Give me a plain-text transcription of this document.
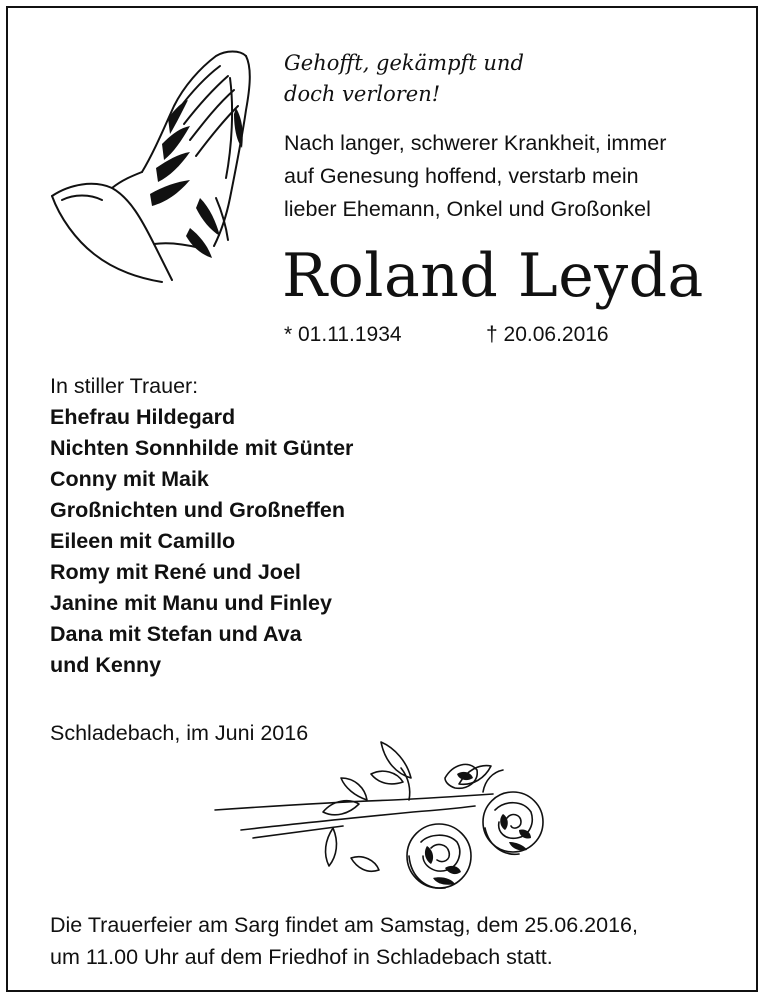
Gehofft, gekämpft und
doch verloren!

Nach langer, schwerer Krankheit, immer
auf Genesung hoffend, verstarb mein
lieber Ehemann, Onkel und Großonkel

Roland Leyda
* 01.11.1934	† 20.06.2016
In stiller Trauer:
Ehefrau Hildegard
Nichten Sonnhilde mit Günter
Conny mit Maik
Großnichten und Großneffen
Eileen mit Camillo
Romy mit René und Joel
Janine mit Manu und Finley
Dana mit Stefan und Ava
und Kenny
Schladebach, im Juni 2016

Die Trauerfeier am Sarg findet am Samstag, dem 25.06.2016,
um 11.00 Uhr auf dem Friedhof in Schladebach statt.
